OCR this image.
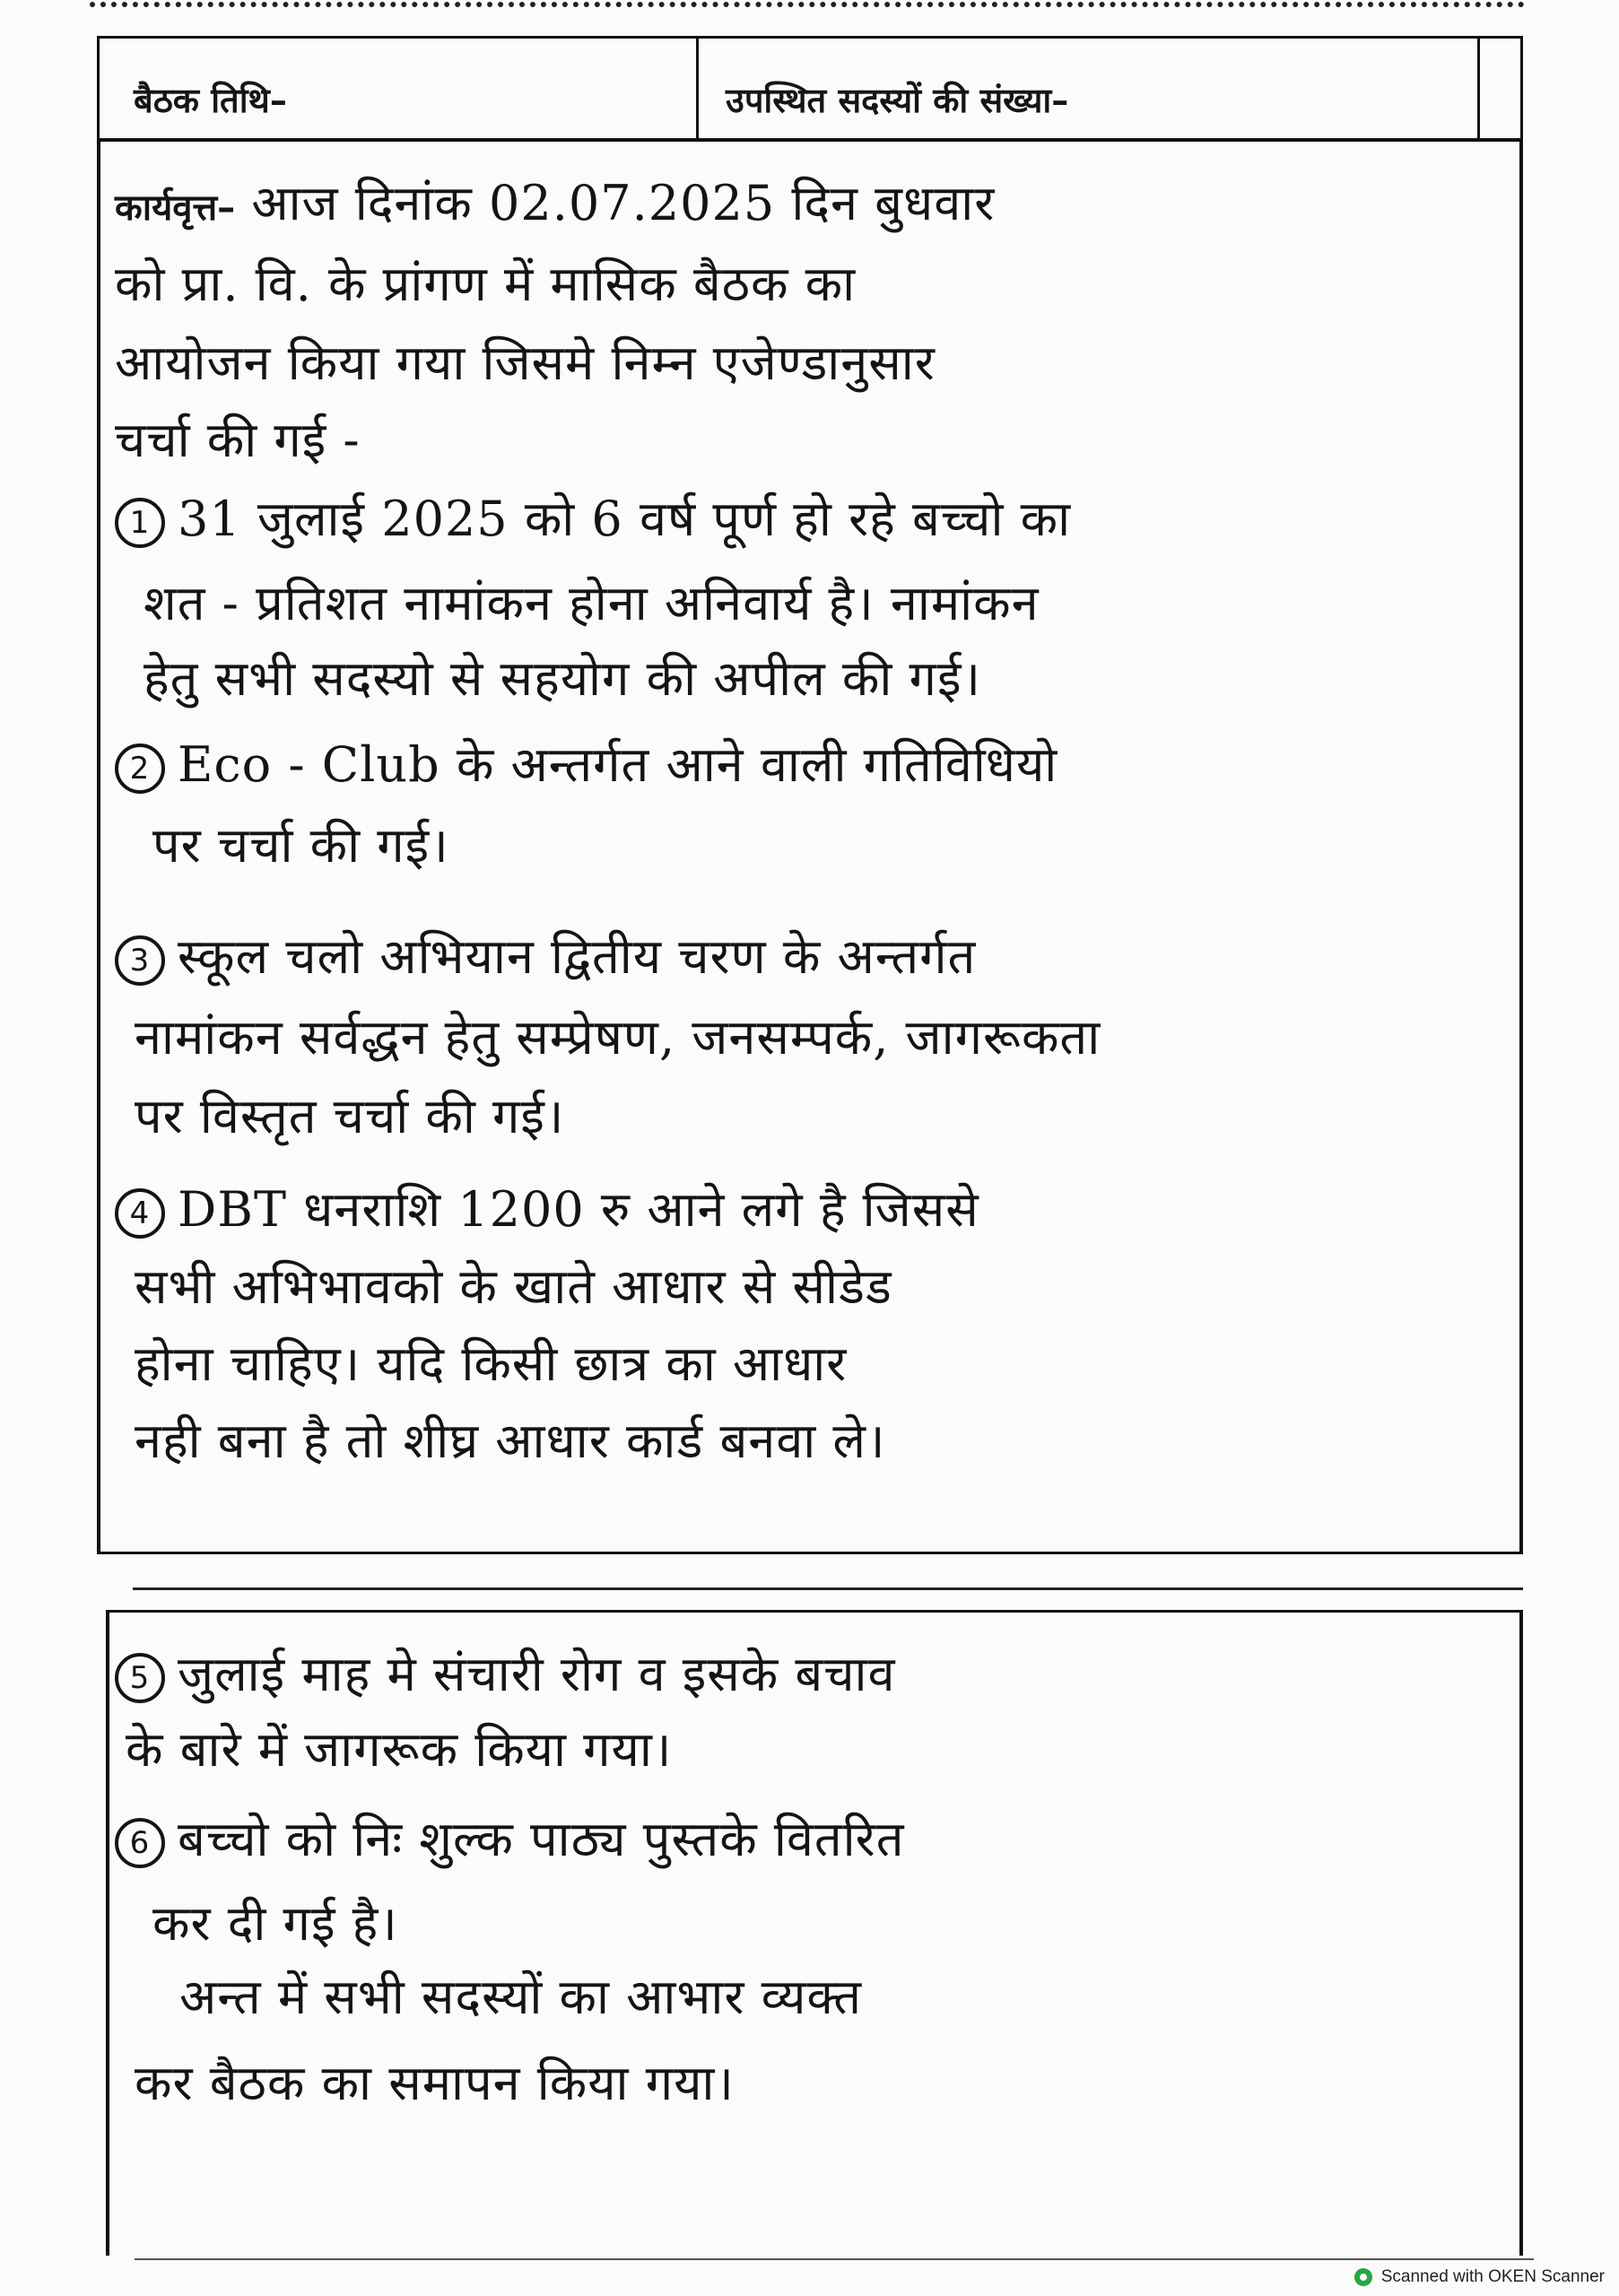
बैठक तिथि–	उपस्थित सदस्यों की संख्या–
कार्यवृत्त– आज दिनांक 02.07.2025 दिन बुधवार
को प्रा. वि. के प्रांगण में मासिक बैठक का
आयोजन किया गया जिसमे निम्न एजेण्डानुसार
चर्चा की गई -
1 31 जुलाई 2025 को 6 वर्ष पूर्ण हो रहे बच्चो का
शत - प्रतिशत नामांकन होना अनिवार्य है। नामांकन
हेतु सभी सदस्यो से सहयोग की अपील की गई।
2 Eco - Club के अन्तर्गत आने वाली गतिविधियो
पर चर्चा की गई।
3 स्कूल चलो अभियान द्वितीय चरण के अन्तर्गत
नामांकन सर्वद्धन हेतु सम्प्रेषण, जनसम्पर्क, जागरूकता
पर विस्तृत चर्चा की गई।
4 DBT धनराशि 1200 रु आने लगे है जिससे
सभी अभिभावको के खाते आधार से सीडेड
होना चाहिए। यदि किसी छात्र का आधार
नही बना है तो शीघ्र आधार कार्ड बनवा ले।
5 जुलाई माह मे संचारी रोग व इसके बचाव
के बारे में जागरूक किया गया।
6 बच्चो को निः शुल्क पाठ्य पुस्तके वितरित
कर दी गई है।
अन्त में सभी सदस्यों का आभार व्यक्त
कर बैठक का समापन किया गया।
Scanned with OKEN Scanner
